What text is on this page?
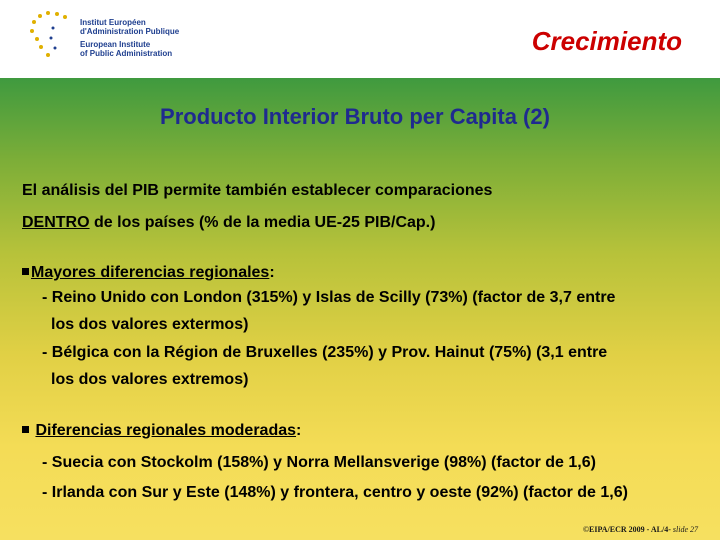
Institut Européen
d'Administration Publique
European Institute
of Public Administration	Crecimiento
Producto Interior Bruto per Capita (2)
El análisis del PIB permite también establecer comparaciones
DENTRO de los países (% de la media UE-25 PIB/Cap.)
Mayores diferencias regionales:
- Reino Unido con London (315%) y Islas de Scilly (73%) (factor de 3,7 entre
los dos valores extermos)
- Bélgica con la Région de Bruxelles (235%) y Prov. Hainut (75%) (3,1 entre
los dos valores extremos)
Diferencias regionales moderadas:
- Suecia con Stockolm (158%) y Norra Mellansverige (98%) (factor de 1,6)
- Irlanda con Sur y Este (148%) y frontera, centro y oeste (92%) (factor de 1,6)
©EIPA/ECR 2009 - AL/4- slide 27
